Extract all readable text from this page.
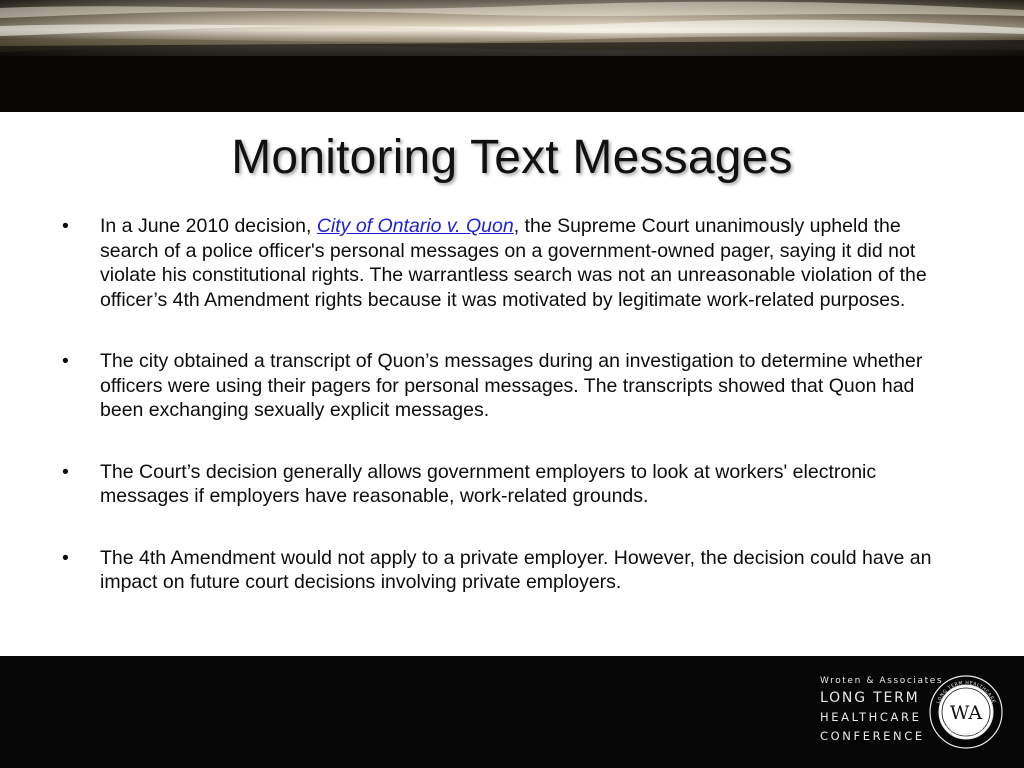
Monitoring Text Messages
• In a June 2010 decision, City of Ontario v. Quon, the Supreme Court unanimously upheld the search of a police officer's personal messages on a government-owned pager, saying it did not violate his constitutional rights. The warrantless search was not an unreasonable violation of the officer’s 4th Amendment rights because it was motivated by legitimate work-related purposes.
• The city obtained a transcript of Quon’s messages during an investigation to determine whether officers were using their pagers for personal messages. The transcripts showed that Quon had been exchanging sexually explicit messages.
• The Court’s decision generally allows government employers to look at workers' electronic messages if employers have reasonable, work-related grounds.
• The 4th Amendment would not apply to a private employer. However, the decision could have an impact on future court decisions involving private employers.
Wroten & Associates
LONG TERM
HEALTHCARE
CONFERENCE
WA
LONG TERM HEALTHCARE
CONFERENCE 2013
